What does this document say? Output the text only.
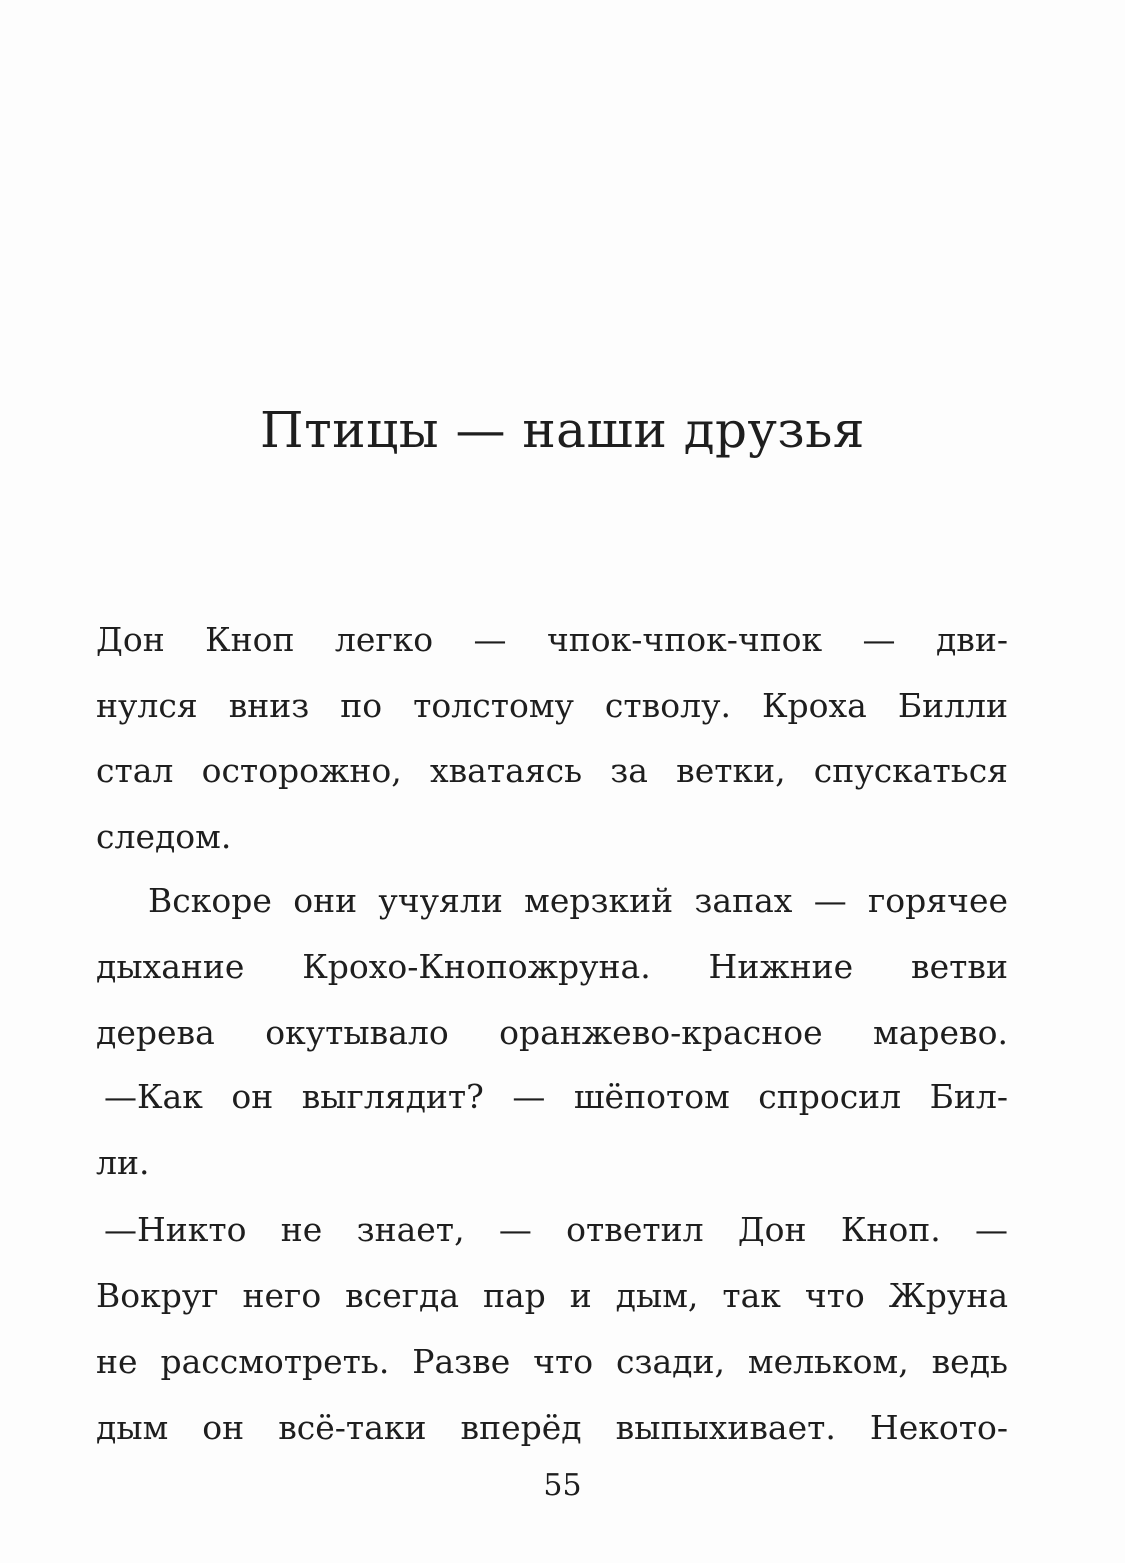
Птицы — наши друзья

Дон Кноп легко — чпок-чпок-чпок — дви-

нулся вниз по толстому стволу. Кроха Билли

стал осторожно, хватаясь за ветки, спускаться

следом.

Вскоре они учуяли мерзкий запах — горячее

дыхание Крохо-Кнопожруна. Нижние ветви

дерева окутывало оранжево-красное марево.

—Как он выглядит? — шёпотом спросил Бил-

ли.

—Никто не знает, — ответил Дон Кноп. —

Вокруг него всегда пар и дым, так что Жруна

не рассмотреть. Разве что сзади, мельком, ведь

дым он всё-таки вперёд выпыхивает. Некото-

55
